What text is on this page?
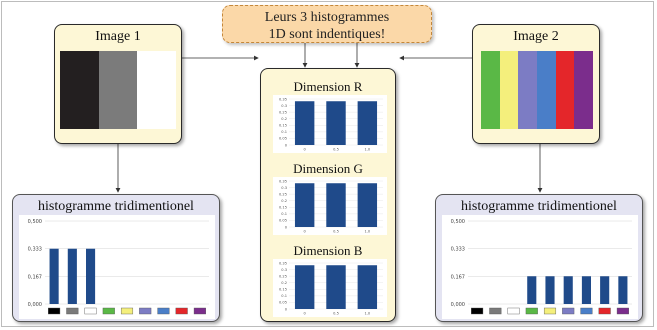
Leurs 3 histogrammes
1D sont indentiques!
Image 1	Image 2
Dimension R
0
0.05
0.1
0.15
0.2
0.25
0.3
0.35
0	0.5	1.0
Dimension G
0
0.05
0.1
0.15
0.2
0.25
0.3
0.35
0	0.5	1.0
Dimension B
0
0.05
0.1
0.15
0.2
0.25
0.3
0.35
0	0.5	1.0
histogramme tridimentionel
0,000
0,167
0,333
0,500
histogramme tridimentionel
0,000
0,167
0,333
0,500
